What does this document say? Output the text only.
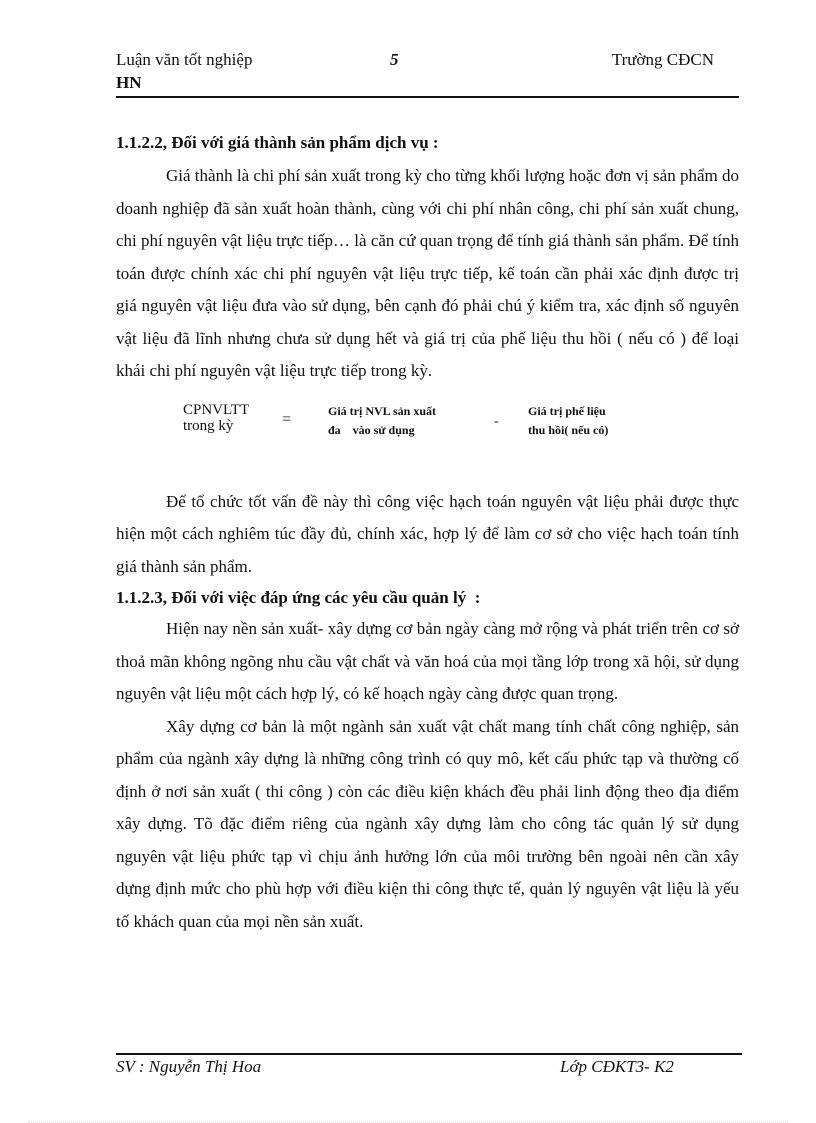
Luận văn tốt nghiệp
HN
5	Trường CĐCN

1.1.2.2, Đối với giá thành sản phẩm dịch vụ :

Giá thành là chi phí sản xuất trong kỳ cho từng khối lượng hoặc đơn vị sản phẩm do doanh nghiệp đã sản xuất hoàn thành, cùng với chi phí nhân công, chi phí sản xuất chung, chi phí nguyên vật liệu trực tiếp… là căn cứ quan trọng để tính giá thành sản phẩm. Để tính toán được chính xác chi phí nguyên vật liệu trực tiếp, kế toán cần phải xác định được trị giá nguyên vật liệu đưa vào sử dụng, bên cạnh đó phải chú ý kiểm tra, xác định số nguyên vật liệu đã lĩnh nhưng chưa sử dụng hết và giá trị của phế liệu thu hồi ( nếu có ) để loại khái chi phí nguyên vật liệu trực tiếp trong kỳ.

CPNVLTT
trong kỳ	=	Giá trị NVL sản xuất
đa    vào sử dụng
-
Giá trị phế liệu
thu hồi( nếu có)

Để tổ chức tốt vấn đề này thì công việc hạch toán nguyên vật liệu phải được thực hiện một cách nghiêm túc đầy đủ, chính xác, hợp lý để làm cơ sở cho việc hạch toán tính giá thành sản phẩm.

1.1.2.3, Đối với việc đáp ứng các yêu cầu quản lý  :

Hiện nay nền sản xuất- xây dựng cơ bản ngày càng mở rộng và phát triển trên cơ sở thoả mãn không ngõng nhu cầu vật chất và văn hoá của mọi tầng lớp trong xã hội, sử dụng nguyên vật liệu một cách hợp lý, có kế hoạch ngày càng được quan trọng.

Xây dựng cơ bản là một ngành sản xuất vật chất mang tính chất công nghiệp, sản phẩm của ngành xây dựng là những công trình có quy mô, kết cấu phức tạp và thường cố định ở nơi sản xuất ( thi công ) còn các điều kiện khách đều phải linh động theo địa điểm xây dựng. Tõ đặc điểm riêng của ngành xây dựng làm cho công tác quản lý sử dụng nguyên vật liệu phức tạp vì chịu ảnh hưởng lớn của môi trường bên ngoài nên cần xây dựng định mức cho phù hợp với điều kiện thi công thực tế, quản lý nguyên vật liệu là yếu tố khách quan của mọi nền sản xuất.

SV : Nguyễn Thị Hoa	Lớp CĐKT3- K2
